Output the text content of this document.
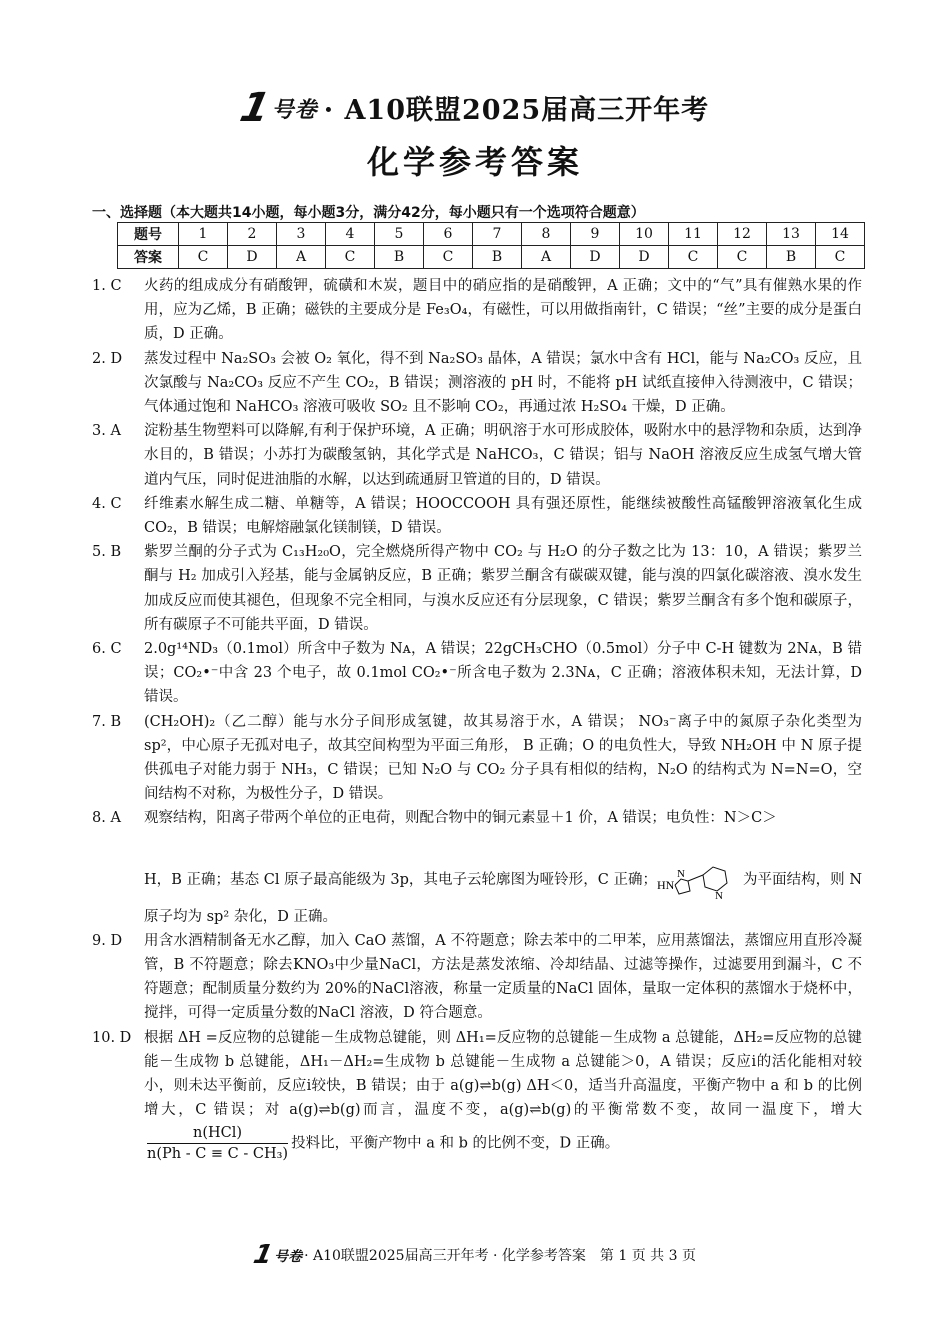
1
号卷 · A10联盟2025届高三开年考
化学参考答案
一、选择题（本大题共14小题，每小题3分，满分42分，每小题只有一个选项符合题意）
题号	1	2	3	4	5	6	7	8	9	10	11	12	13	14
答案	C	D	A	C	B	C	B	A	D	D	C	C	B	C
1. C	火药的组成成分有硝酸钾，硫磺和木炭，题目中的硝应指的是硝酸钾，A 正确；文中的“气”具有催熟水果的作用，应为乙烯，B 正确；磁铁的主要成分是 Fe₃O₄，有磁性，可以用做指南针，C 错误；“丝”主要的成分是蛋白质，D 正确。
2. D	蒸发过程中 Na₂SO₃ 会被 O₂ 氧化，得不到 Na₂SO₃ 晶体，A 错误；氯水中含有 HCl，能与 Na₂CO₃ 反应，且次氯酸与 Na₂CO₃ 反应不产生 CO₂，B 错误；测溶液的 pH 时，不能将 pH 试纸直接伸入待测液中，C 错误；气体通过饱和 NaHCO₃ 溶液可吸收 SO₂ 且不影响 CO₂，再通过浓 H₂SO₄ 干燥，D 正确。
3. A	淀粉基生物塑料可以降解,有利于保护环境，A 正确；明矾溶于水可形成胶体，吸附水中的悬浮物和杂质，达到净水目的，B 错误；小苏打为碳酸氢钠，其化学式是 NaHCO₃，C 错误；铝与 NaOH 溶液反应生成氢气增大管道内气压，同时促进油脂的水解，以达到疏通厨卫管道的目的，D 错误。
4. C	纤维素水解生成二糖、单糖等，A 错误；HOOCCOOH 具有强还原性，能继续被酸性高锰酸钾溶液氧化生成 CO₂，B 错误；电解熔融氯化镁制镁，D 错误。
5. B	紫罗兰酮的分子式为 C₁₃H₂₀O，完全燃烧所得产物中 CO₂ 与 H₂O 的分子数之比为 13：10，A 错误；紫罗兰酮与 H₂ 加成引入羟基，能与金属钠反应，B 正确；紫罗兰酮含有碳碳双键，能与溴的四氯化碳溶液、溴水发生加成反应而使其褪色，但现象不完全相同，与溴水反应还有分层现象，C 错误；紫罗兰酮含有多个饱和碳原子，所有碳原子不可能共平面，D 错误。
6. C	2.0g¹⁴ND₃（0.1mol）所含中子数为 Nᴀ，A 错误；22gCH₃CHO（0.5mol）分子中 C-H 键数为 2Nᴀ，B 错误；CO₂•⁻中含 23 个电子，故 0.1mol CO₂•⁻所含电子数为 2.3Nᴀ，C 正确；溶液体积未知，无法计算，D 错误。
7. B	(CH₂OH)₂（乙二醇）能与水分子间形成氢键，故其易溶于水，A 错误； NO₃⁻离子中的氮原子杂化类型为 sp²，中心原子无孤对电子，故其空间构型为平面三角形， B 正确；O 的电负性大，导致 NH₂OH 中 N 原子提供孤电子对能力弱于 NH₃，C 错误；已知 N₂O 与 CO₂ 分子具有相似的结构，N₂O 的结构式为 N=N=O，空间结构不对称，为极性分子，D 错误。
8. A	观察结构，阳离子带两个单位的正电荷，则配合物中的铜元素显＋1 价，A 错误；电负性：N＞C＞

H，B 正确；基态 Cl 原子最高能级为 3p，其电子云轮廓图为哑铃形，C 正确； HN
N
N
为平面结构，则 N 原子均为 sp² 杂化，D 正确。

9. D	用含水酒精制备无水乙醇，加入 CaO 蒸馏，A 不符题意；除去苯中的二甲苯，应用蒸馏法，蒸馏应用直形冷凝管，B 不符题意；除去KNO₃中少量NaCl，方法是蒸发浓缩、冷却结晶、过滤等操作，过滤要用到漏斗，C 不符题意；配制质量分数约为 20%的NaCl溶液，称量一定质量的NaCl 固体，量取一定体积的蒸馏水于烧杯中，搅拌，可得一定质量分数的NaCl 溶液，D 符合题意。
10. D 根据 ΔH =反应物的总键能－生成物总键能，则 ΔH₁=反应物的总键能－生成物 a 总键能，ΔH₂=反应物的总键能－生成物 b 总键能，ΔH₁－ΔH₂=生成物 b 总键能－生成物 a 总键能＞0，A 错误；反应i的活化能相对较小，则未达平衡前，反应i较快，B 错误；由于 a(g)⇌b(g) ΔH＜0，适当升高温度，平衡产物中 a 和 b 的比例增大，C 错误；对 a(g)⇌b(g)而言，温度不变，a(g)⇌b(g)的平衡常数不变，故同一温度下，增大
$\frac{\text{n(HCl)}}{\text{n(Ph - C ≡ C - CH₃)}}$ 投料比，平衡产物中 a 和 b 的比例不变，D 正确。
1
号卷 · A10联盟2025届高三开年考 · 化学参考答案　第 1 页 共 3 页
